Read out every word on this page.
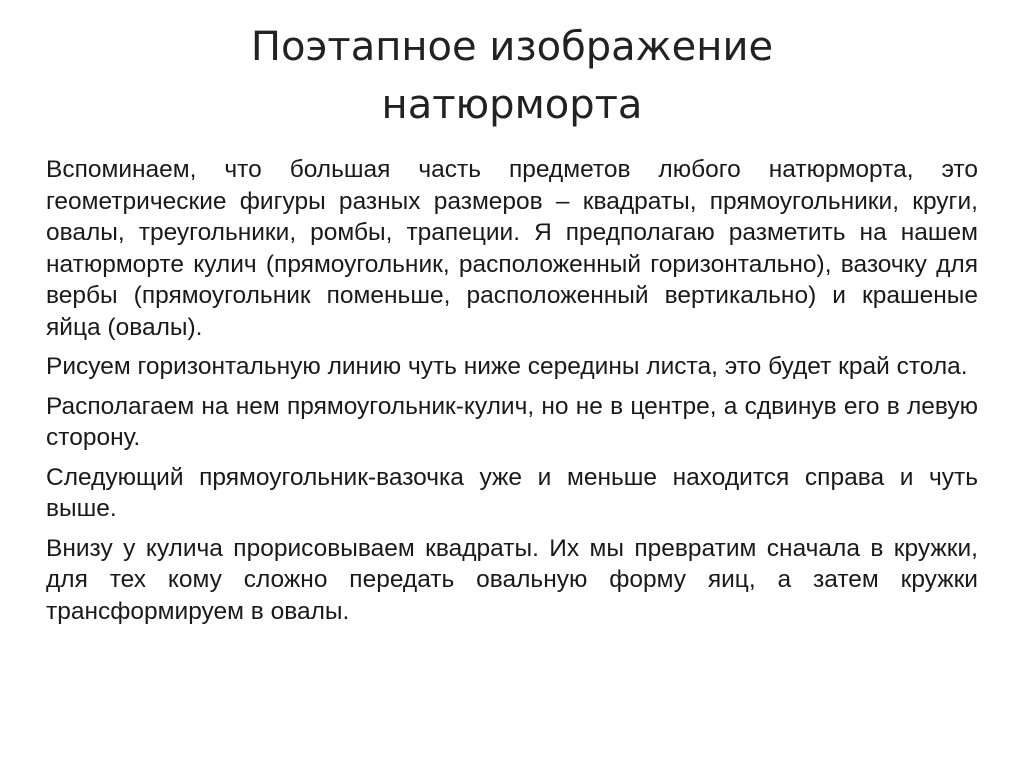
Поэтапное изображение
натюрморта

Вспоминаем, что большая часть предметов любого натюрморта, это геометрические фигуры разных размеров – квадраты, прямоугольники, круги, овалы, треугольники, ромбы, трапеции. Я предполагаю разметить на нашем натюрморте кулич (прямоугольник, расположенный горизонтально), вазочку для вербы (прямоугольник поменьше, расположенный вертикально) и крашеные яйца (овалы).

Рисуем горизонтальную линию чуть ниже середины листа, это будет край стола.

Располагаем на нем прямоугольник-кулич, но не в центре, а сдвинув его в левую сторону.

Следующий прямоугольник-вазочка уже и меньше находится справа и чуть выше.

Внизу у кулича прорисовываем квадраты. Их мы превратим сначала в кружки, для тех кому сложно передать овальную форму яиц, а затем кружки трансформируем в овалы.
